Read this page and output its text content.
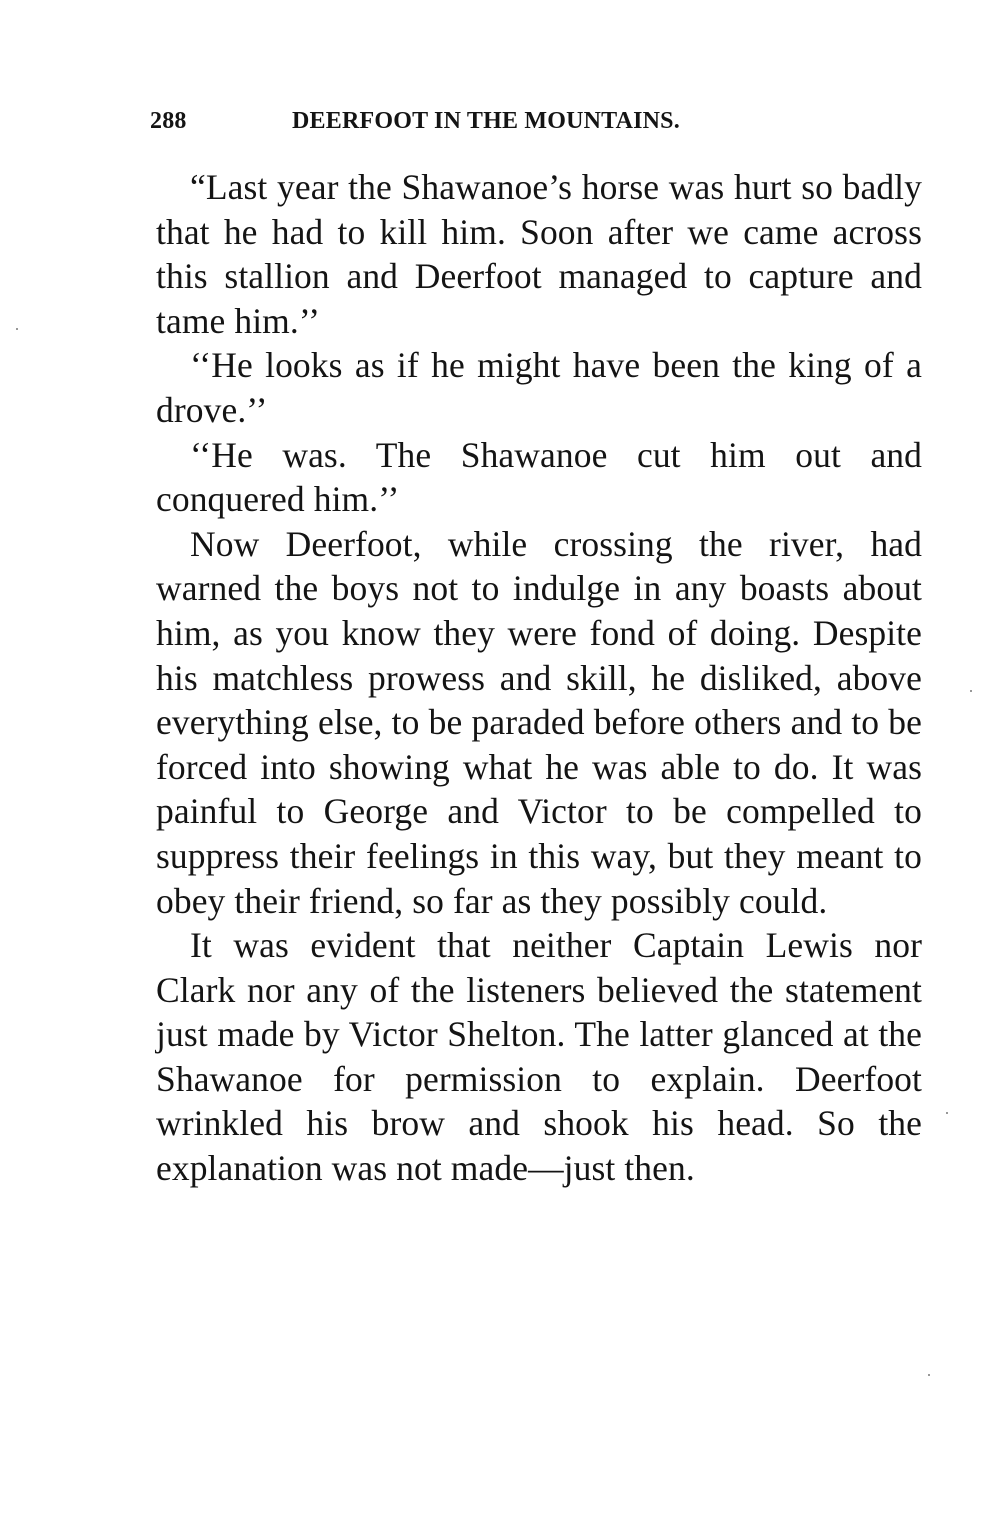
288	DEERFOOT IN THE MOUNTAINS.

“Last year the Shawanoe’s horse was hurt so badly that he had to kill him. Soon after we came across this stallion and Deerfoot managed to capture and tame him.’’

‘‘He looks as if he might have been the king of a drove.’’

‘‘He was. The Shawanoe cut him out and conquered him.’’

Now Deerfoot, while crossing the river, had warned the boys not to indulge in any boasts about him, as you know they were fond of doing. Despite his matchless prowess and skill, he disliked, above everything else, to be paraded before others and to be forced into showing what he was able to do. It was painful to George and Victor to be compelled to suppress their feelings in this way, but they meant to obey their friend, so far as they possibly could.

It was evident that neither Captain Lewis nor Clark nor any of the listeners believed the statement just made by Victor Shelton. The latter glanced at the Shawanoe for permission to explain. Deerfoot wrinkled his brow and shook his head. So the explanation was not made—just then.
